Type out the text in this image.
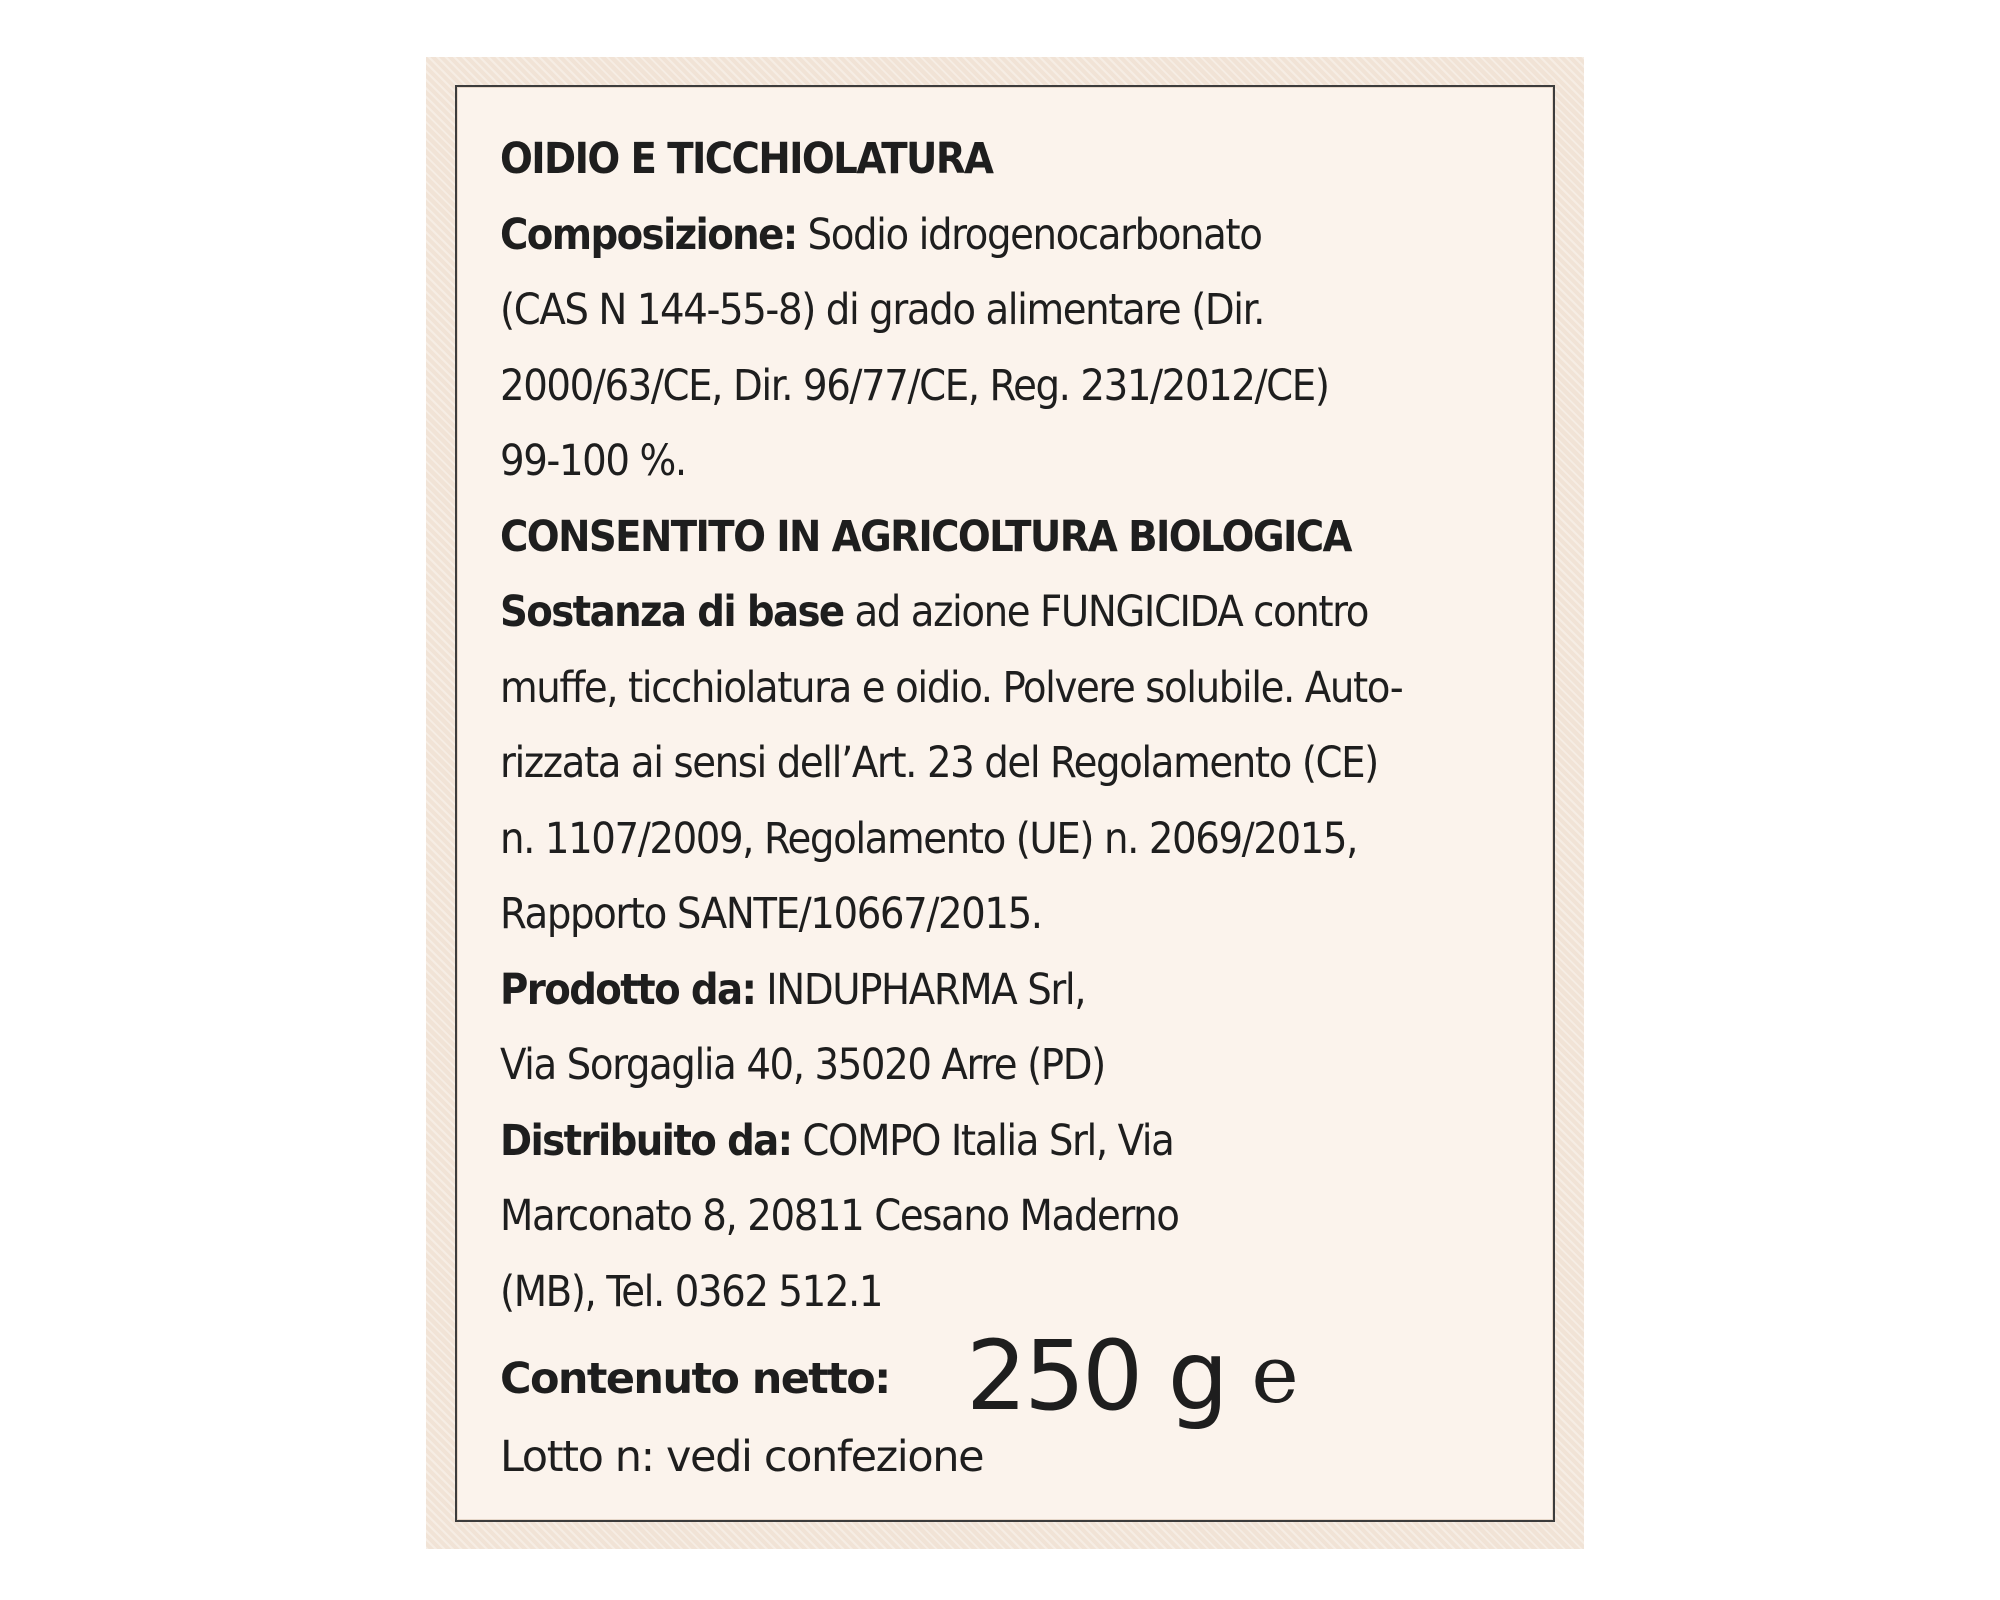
OIDIO E TICCHIOLATURA
Composizione: Sodio idrogenocarbonato
(CAS N 144-55-8) di grado alimentare (Dir.
2000/63/CE, Dir. 96/77/CE, Reg. 231/2012/CE)
99-100 %.
CONSENTITO IN AGRICOLTURA BIOLOGICA
Sostanza di base ad azione FUNGICIDA contro
muffe, ticchiolatura e oidio. Polvere solubile. Auto-
rizzata ai sensi dell’Art. 23 del Regolamento (CE)
n. 1107/2009, Regolamento (UE) n. 2069/2015,
Rapporto SANTE/10667/2015.
Prodotto da: INDUPHARMA Srl,
Via Sorgaglia 40, 35020 Arre (PD)
Distribuito da: COMPO Italia Srl, Via
Marconato 8, 20811 Cesano Maderno
(MB), Tel. 0362 512.1
Contenuto netto: 250 g e
Lotto n: vedi confezione
